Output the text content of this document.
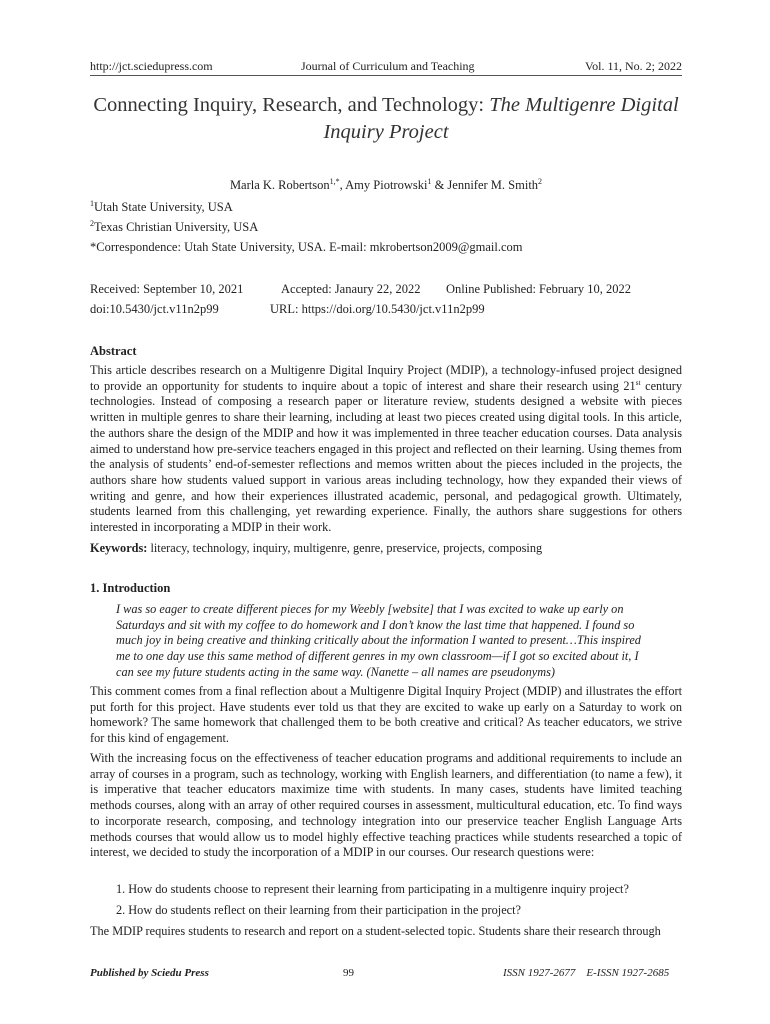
http://jct.sciedupress.com	Journal of Curriculum and Teaching	Vol. 11, No. 2; 2022
Connecting Inquiry, Research, and Technology: The Multigenre Digital Inquiry Project
Marla K. Robertson$^{1,*}$, Amy Piotrowski$^1$ & Jennifer M. Smith$^2$
$^1$Utah State University, USA
$^2$Texas Christian University, USA
*Correspondence: Utah State University, USA. E-mail: mkrobertson2009@gmail.com
Received: September 10, 2021	Accepted: Janaury 22, 2022 Online Published: February 10, 2022
doi:10.5430/jct.v11n2p99	URL: https://doi.org/10.5430/jct.v11n2p99
Abstract

This article describes research on a Multigenre Digital Inquiry Project (MDIP), a technology-infused project designed to provide an opportunity for students to inquire about a topic of interest and share their research using 21st century technologies. Instead of composing a research paper or literature review, students designed a website with pieces written in multiple genres to share their learning, including at least two pieces created using digital tools. In this article, the authors share the design of the MDIP and how it was implemented in three teacher education courses. Data analysis aimed to understand how pre-service teachers engaged in this project and reflected on their learning. Using themes from the analysis of students’ end-of-semester reflections and memos written about the pieces included in the projects, the authors share how students valued support in various areas including technology, how they expanded their views of writing and genre, and how their experiences illustrated academic, personal, and pedagogical growth. Ultimately, students learned from this challenging, yet rewarding experience. Finally, the authors share suggestions for others interested in incorporating a MDIP in their work.

Keywords: literacy, technology, inquiry, multigenre, genre, preservice, projects, composing
1. Introduction

I was so eager to create different pieces for my Weebly [website] that I was excited to wake up early on Saturdays and sit with my coffee to do homework and I don’t know the last time that happened. I found so much joy in being creative and thinking critically about the information I wanted to present…This inspired me to one day use this same method of different genres in my own classroom—if I got so excited about it, I can see my future students acting in the same way. (Nanette – all names are pseudonyms)

This comment comes from a final reflection about a Multigenre Digital Inquiry Project (MDIP) and illustrates the effort put forth for this project. Have students ever told us that they are excited to wake up early on a Saturday to work on homework? The same homework that challenged them to be both creative and critical? As teacher educators, we strive for this kind of engagement.

With the increasing focus on the effectiveness of teacher education programs and additional requirements to include an array of courses in a program, such as technology, working with English learners, and differentiation (to name a few), it is imperative that teacher educators maximize time with students. In many cases, students have limited teaching methods courses, along with an array of other required courses in assessment, multicultural education, etc. To find ways to incorporate research, composing, and technology integration into our preservice teacher English Language Arts methods courses that would allow us to model highly effective teaching practices while students researched a topic of interest, we decided to study the incorporation of a MDIP in our courses. Our research questions were:

1. How do students choose to represent their learning from participating in a multigenre inquiry project?
2. How do students reflect on their learning from their participation in the project?

The MDIP requires students to research and report on a student-selected topic. Students share their research through

Published by Sciedu Press	99	ISSN 1927-2677    E-ISSN 1927-2685
